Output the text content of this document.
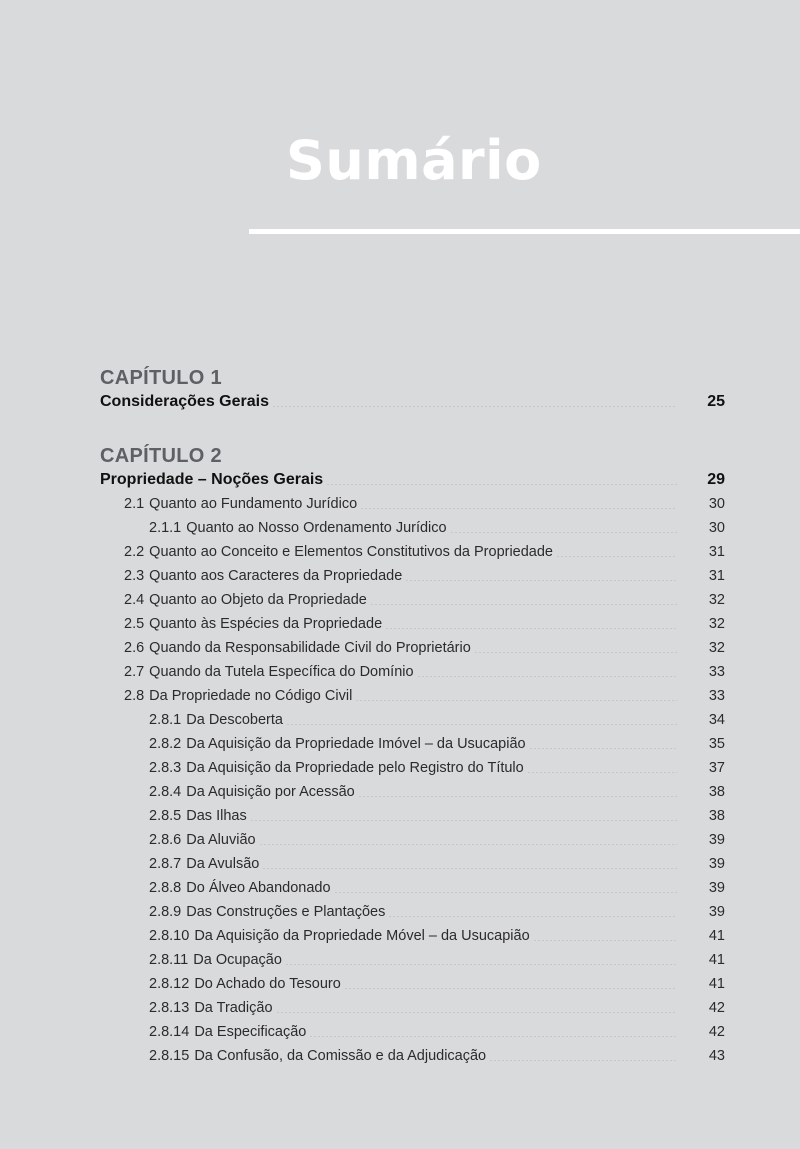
Sumário
CAPÍTULO 1
Considerações Gerais	25
CAPÍTULO 2
Propriedade – Noções Gerais	29
2.1 Quanto ao Fundamento Jurídico	30
2.1.1 Quanto ao Nosso Ordenamento Jurídico	30
2.2 Quanto ao Conceito e Elementos Constitutivos da Propriedade	31
2.3 Quanto aos Caracteres da Propriedade	31
2.4 Quanto ao Objeto da Propriedade	32
2.5 Quanto às Espécies da Propriedade	32
2.6 Quando da Responsabilidade Civil do Proprietário	32
2.7 Quando da Tutela Específica do Domínio	33
2.8 Da Propriedade no Código Civil	33
2.8.1 Da Descoberta	34
2.8.2 Da Aquisição da Propriedade Imóvel – da Usucapião	35
2.8.3 Da Aquisição da Propriedade pelo Registro do Título	37
2.8.4 Da Aquisição por Acessão	38
2.8.5 Das Ilhas	38
2.8.6 Da Aluvião	39
2.8.7 Da Avulsão	39
2.8.8 Do Álveo Abandonado	39
2.8.9 Das Construções e Plantações	39
2.8.10 Da Aquisição da Propriedade Móvel – da Usucapião	41
2.8.11 Da Ocupação	41
2.8.12 Do Achado do Tesouro	41
2.8.13 Da Tradição	42
2.8.14 Da Especificação	42
2.8.15 Da Confusão, da Comissão e da Adjudicação	43
